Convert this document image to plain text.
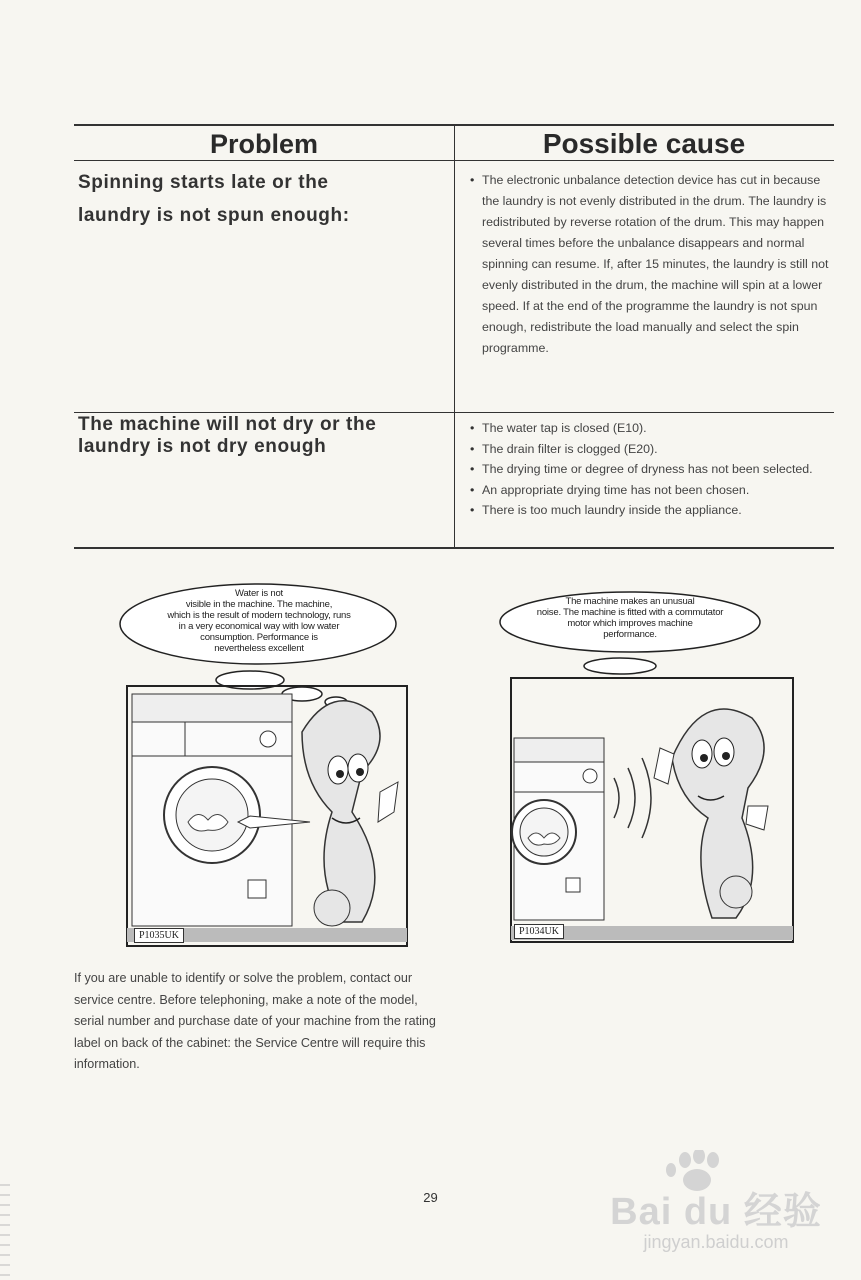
Problem	Possible cause
Spinning starts late or the
laundry is not spun enough:
• The electronic unbalance detection device has cut in because the laundry is not evenly distributed in the drum. The laundry is redistributed by reverse rotation of the drum. This may happen several times before the unbalance disappears and normal spinning can resume. If, after 15 minutes, the laundry is still not evenly distributed in the drum, the machine will spin at a lower speed. If at the end of the programme the laundry is not spun enough, redistribute the load manually and select the spin programme.
The machine will not dry or the
laundry is not dry enough
• The water tap is closed (E10).
• The drain filter is clogged (E20).
• The drying time or degree of dryness has not been selected.
• An appropriate drying time has not been chosen.
• There is too much laundry inside the appliance.
Water is not
visible in the machine. The machine,
which is the result of modern technology, runs
in a very economical way with low water
consumption. Performance is
nevertheless excellent
P1035UK
The machine makes an unusual
noise. The machine is fitted with a commutator
motor which improves machine
performance.
P1034UK

If you are unable to identify or solve the problem, contact our service centre. Before telephoning, make a note of the model, serial number and purchase date of your machine from the rating label on back of the cabinet: the Service Centre will require this information.

29	Bai du 经验
jingyan.baidu.com
